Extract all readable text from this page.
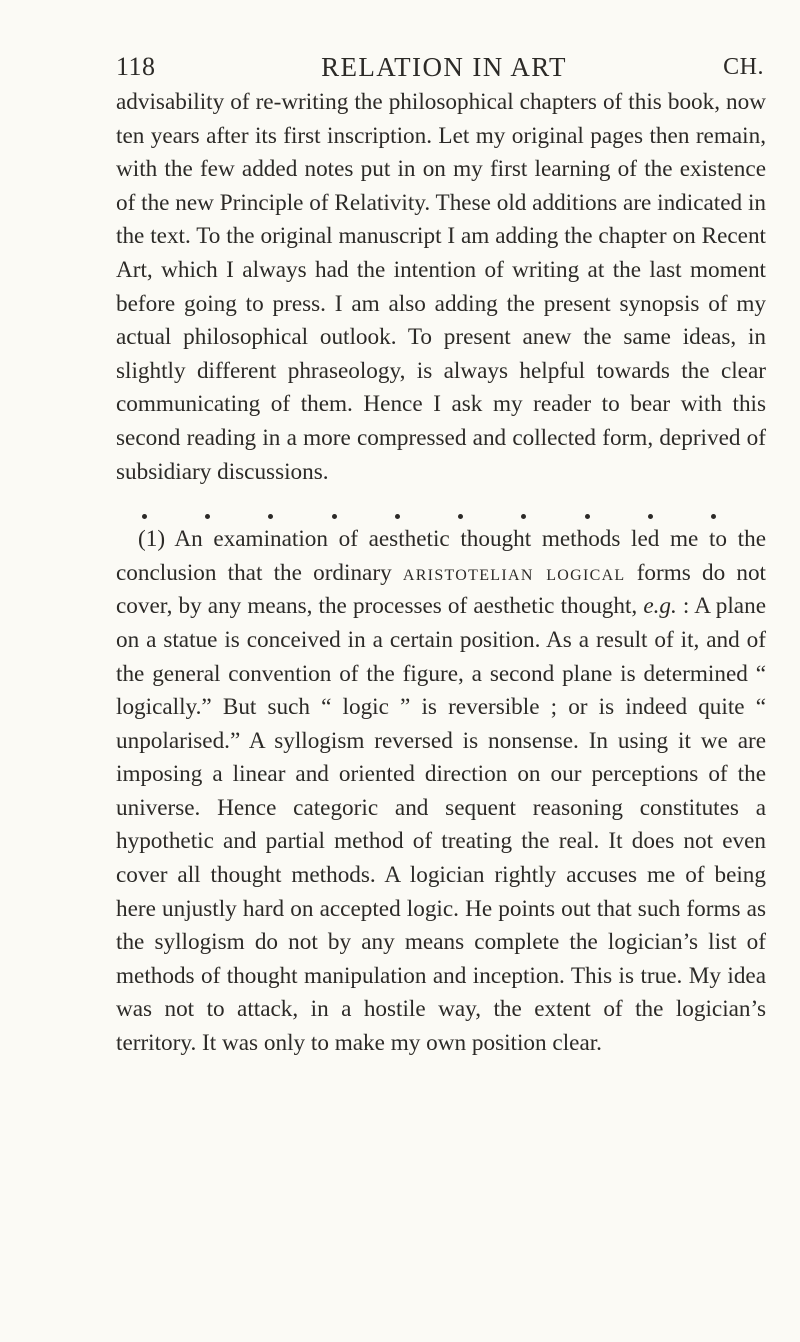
118	RELATION IN ART	CH.

advisability of re-writing the philosophical chapters of this book, now ten years after its first inscription. Let my original pages then remain, with the few added notes put in on my first learning of the existence of the new Principle of Relativity. These old additions are indicated in the text. To the original manuscript I am adding the chapter on Recent Art, which I always had the intention of writing at the last moment before going to press. I am also adding the present synopsis of my actual philosophical outlook. To present anew the same ideas, in slightly different phraseology, is always helpful towards the clear communicating of them. Hence I ask my reader to bear with this second reading in a more compressed and collected form, deprived of subsidiary discussions.

(1) An examination of aesthetic thought methods led me to the conclusion that the ordinary aristotelian logical forms do not cover, by any means, the processes of aesthetic thought, e.g. : A plane on a statue is conceived in a certain position. As a result of it, and of the general convention of the figure, a second plane is determined “ logically.” But such “ logic ” is reversible ; or is indeed quite “ unpolarised.” A syllogism reversed is nonsense. In using it we are imposing a linear and oriented direction on our perceptions of the universe. Hence categoric and sequent reasoning constitutes a hypothetic and partial method of treating the real. It does not even cover all thought methods. A logician rightly accuses me of being here unjustly hard on accepted logic. He points out that such forms as the syllogism do not by any means complete the logician’s list of methods of thought manipulation and inception. This is true. My idea was not to attack, in a hostile way, the extent of the logician’s territory. It was only to make my own position clear.
